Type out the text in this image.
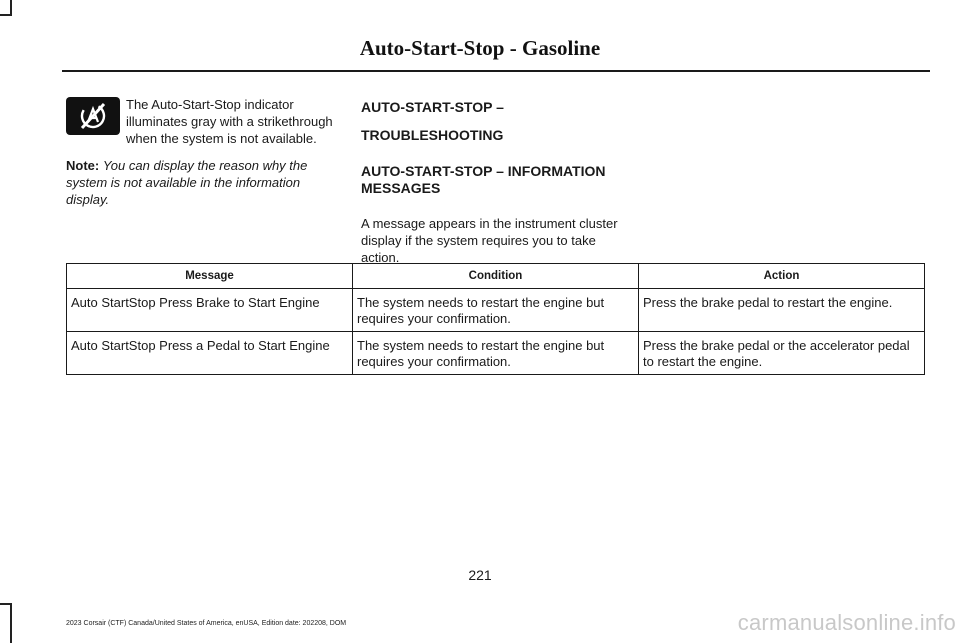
Auto-Start-Stop - Gasoline

The Auto-Start-Stop indicator illuminates gray with a strikethrough when the system is not available.

Note: You can display the reason why the system is not available in the information display.

AUTO-START-STOP –

TROUBLESHOOTING

AUTO-START-STOP – INFORMATION MESSAGES

A message appears in the instrument cluster display if the system requires you to take action.

Message	Condition	Action
Auto StartStop Press Brake to Start Engine	The system needs to restart the engine but requires your confirmation.	Press the brake pedal to restart the engine.
Auto StartStop Press a Pedal to Start Engine	The system needs to restart the engine but requires your confirmation.	Press the brake pedal or the accelerator pedal to restart the engine.
221
2023 Corsair (CTF) Canada/United States of America, enUSA, Edition date: 202208, DOM	carmanualsonline.info
